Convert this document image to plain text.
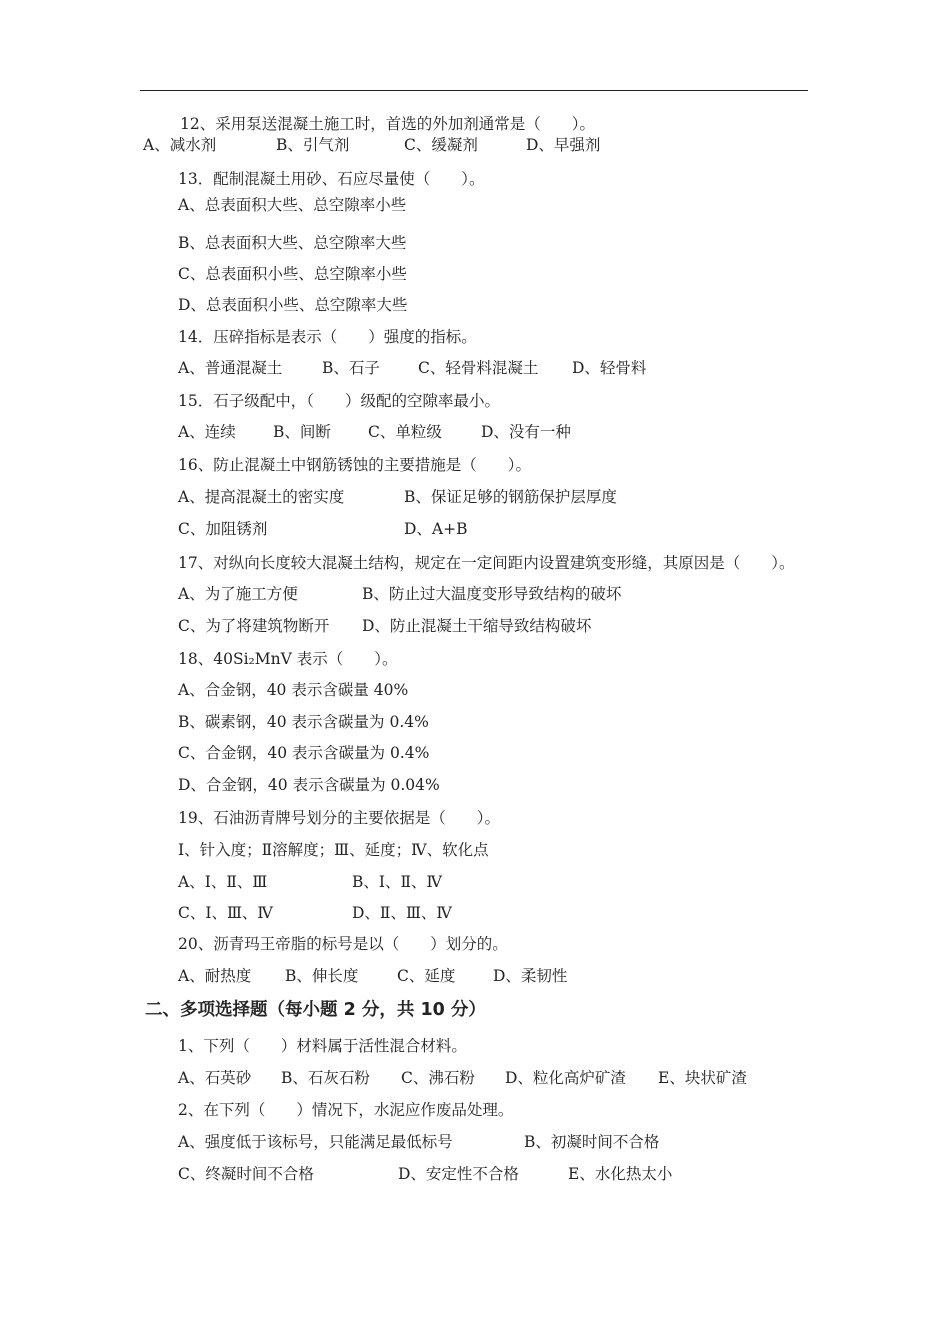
12、采用泵送混凝土施工时，首选的外加剂通常是（　　）。
A、减水剂	B、引气剂	C、缓凝剂	D、早强剂
13．配制混凝土用砂、石应尽量使（　　）。
A、总表面积大些、总空隙率小些
B、总表面积大些、总空隙率大些
C、总表面积小些、总空隙率小些
D、总表面积小些、总空隙率大些
14．压碎指标是表示（　　）强度的指标。
A、普通混凝土	B、石子 C、轻骨料混凝土 D、轻骨料
15．石子级配中，（　　）级配的空隙率最小。
A、连续 B、间断 C、单粒级	D、没有一种
16、防止混凝土中钢筋锈蚀的主要措施是（　　）。
A、提高混凝土的密实度	B、保证足够的钢筋保护层厚度
C、加阻锈剂	D、A+B
17、对纵向长度较大混凝土结构，规定在一定间距内设置建筑变形缝，其原因是（　　）。
A、为了施工方便	B、防止过大温度变形导致结构的破坏
C、为了将建筑物断开 D、防止混凝土干缩导致结构破坏
18、40Si₂MnV 表示（　　）。
A、合金钢，40 表示含碳量 40%
B、碳素钢，40 表示含碳量为 0.4%
C、合金钢，40 表示含碳量为 0.4%
D、合金钢，40 表示含碳量为 0.04%
19、石油沥青牌号划分的主要依据是（　　）。
Ⅰ、针入度；Ⅱ溶解度；Ⅲ、延度；Ⅳ、软化点
A、Ⅰ、Ⅱ、Ⅲ	B、Ⅰ、Ⅱ、Ⅳ
C、Ⅰ、Ⅲ、Ⅳ	D、Ⅱ、Ⅲ、Ⅳ
20、沥青玛王帝脂的标号是以（　　）划分的。
A、耐热度 B、伸长度 C、延度 D、柔韧性
二、多项选择题（每小题 2 分，共 10 分）
1、下列（　　）材料属于活性混合材料。
A、石英砂 B、石灰石粉 C、沸石粉 D、粒化高炉矿渣 E、块状矿渣
2、在下列（　　）情况下，水泥应作废品处理。
A、强度低于该标号，只能满足最低标号	B、初凝时间不合格
C、终凝时间不合格	D、安定性不合格	E、水化热太小
